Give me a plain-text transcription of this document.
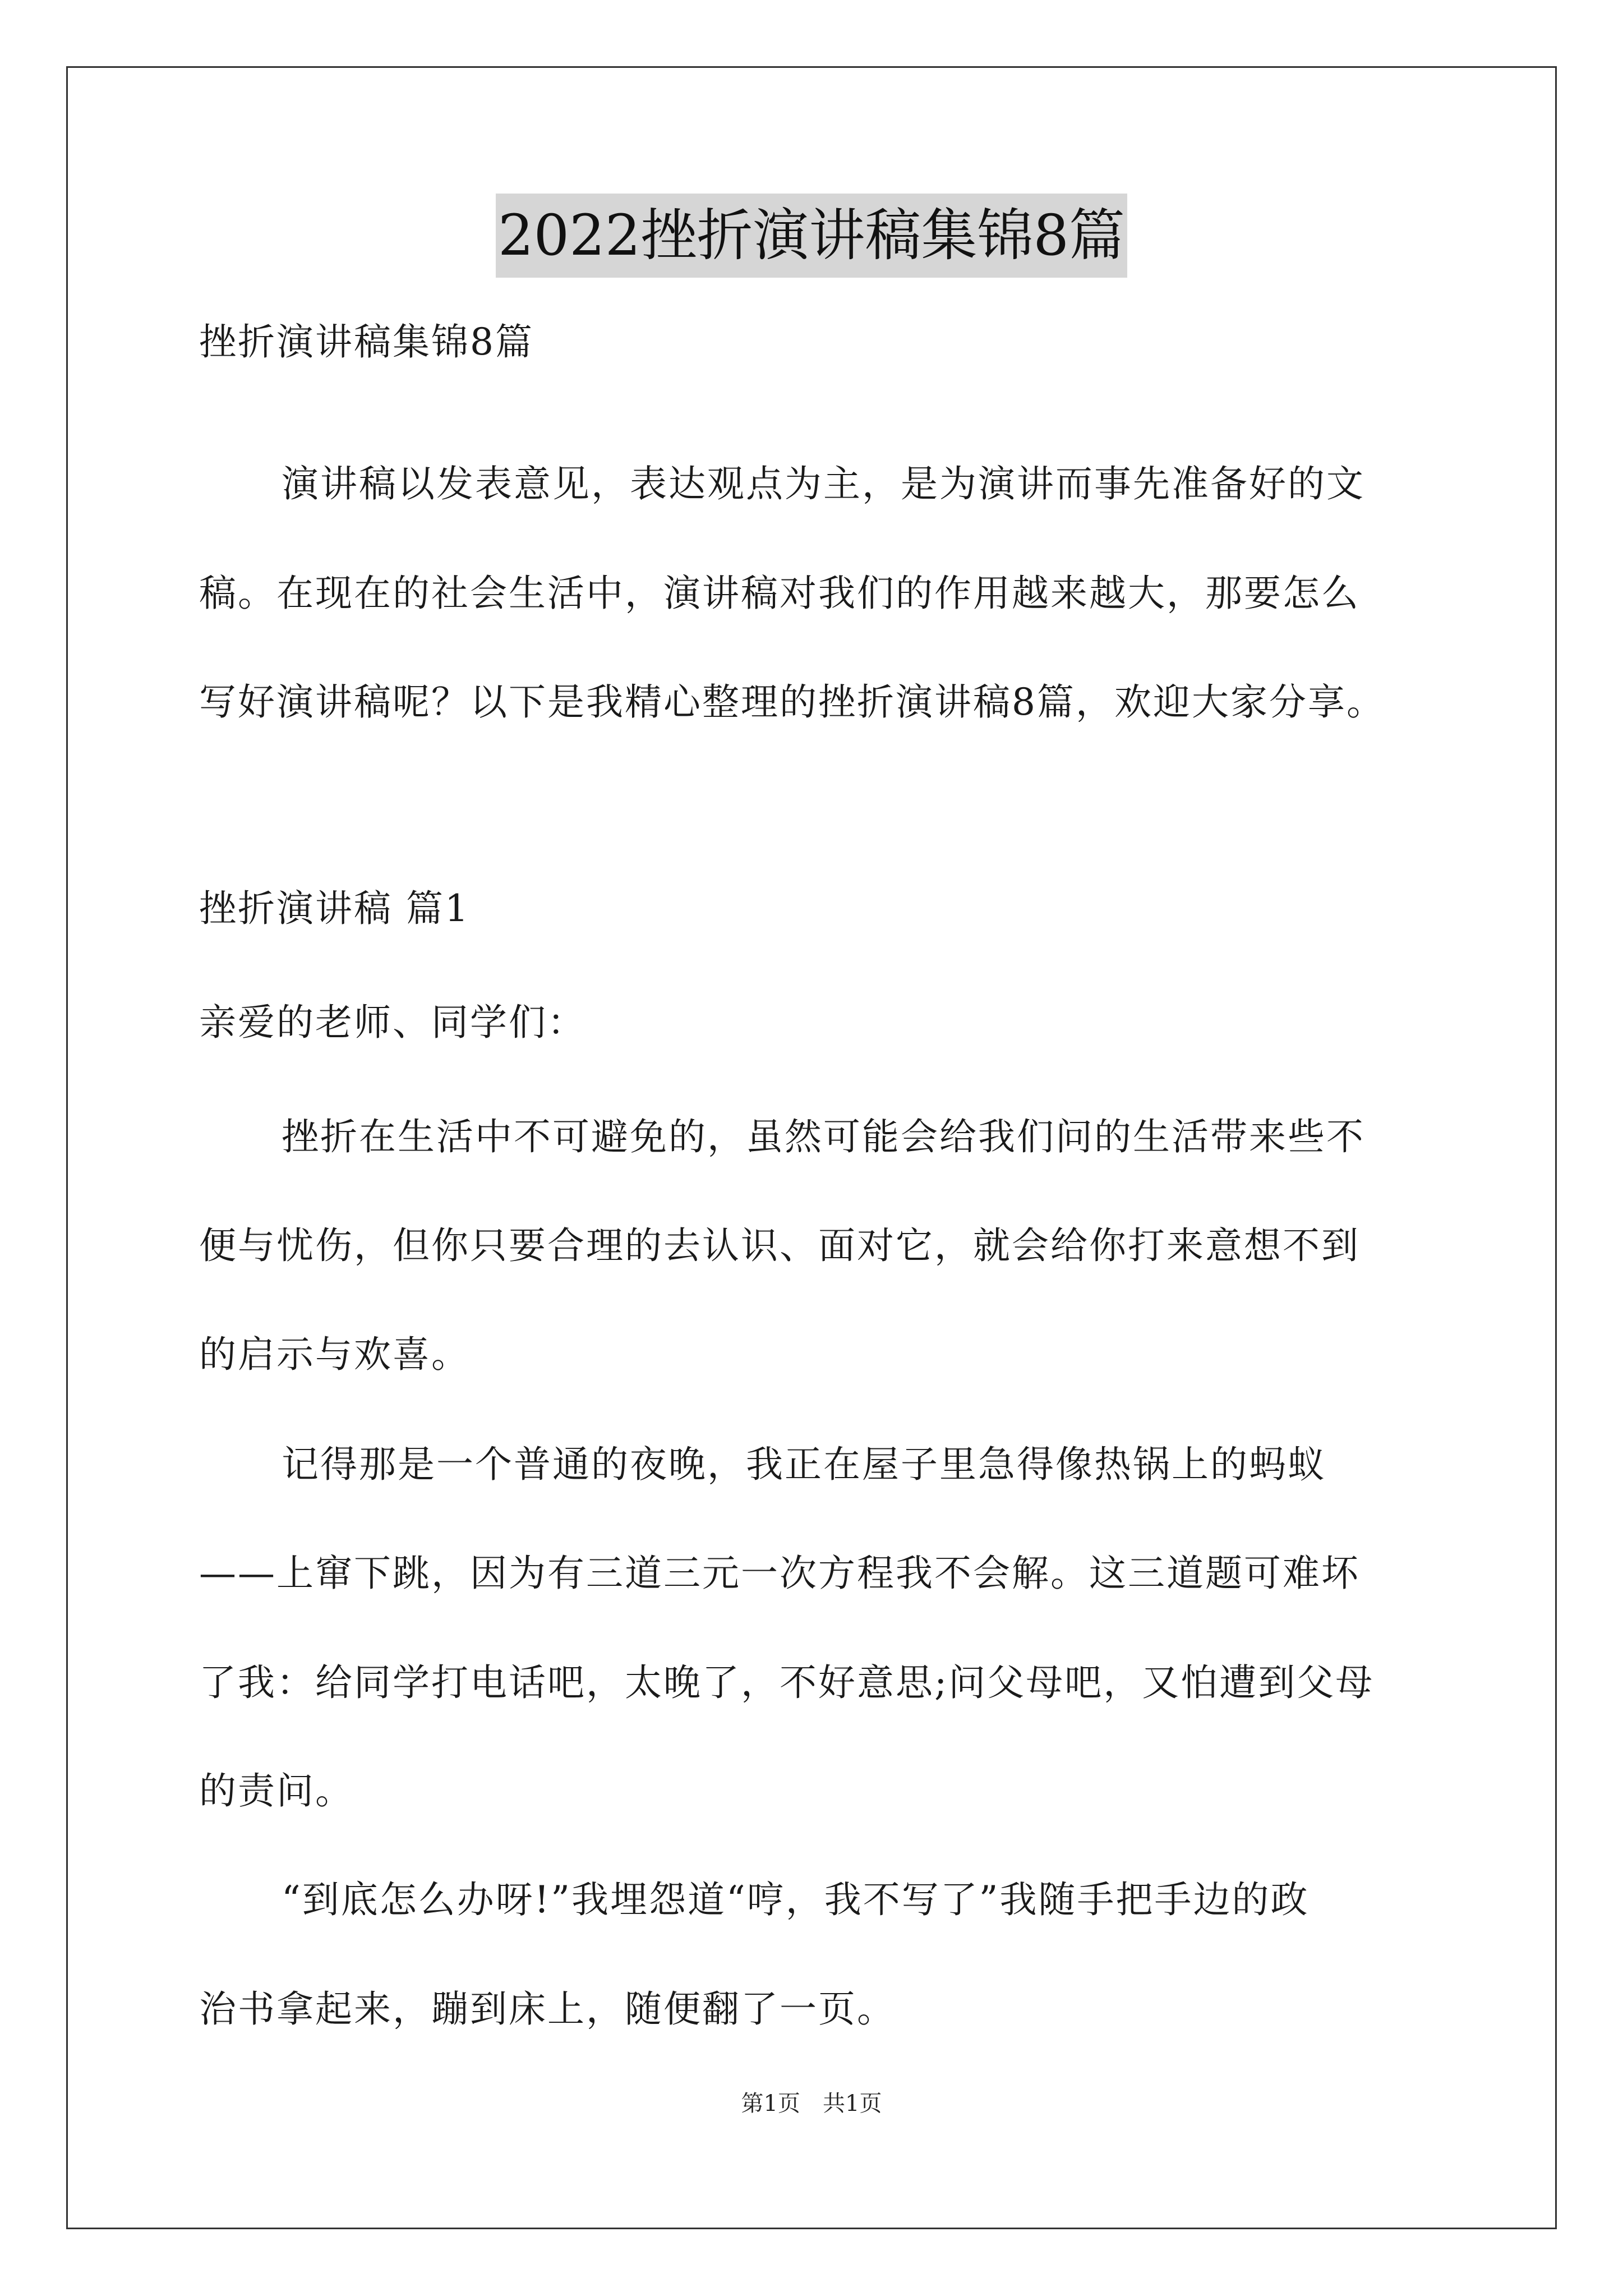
2022挫折演讲稿集锦8篇
挫折演讲稿集锦8篇
演讲稿以发表意见，表达观点为主，是为演讲而事先准备好的文
稿。在现在的社会生活中，演讲稿对我们的作用越来越大，那要怎么
写好演讲稿呢？以下是我精心整理的挫折演讲稿8篇，欢迎大家分享。
挫折演讲稿 篇1
亲爱的老师、同学们：
挫折在生活中不可避免的，虽然可能会给我们问的生活带来些不
便与忧伤，但你只要合理的去认识、面对它，就会给你打来意想不到
的启示与欢喜。
记得那是一个普通的夜晚，我正在屋子里急得像热锅上的蚂蚁
——上窜下跳，因为有三道三元一次方程我不会解。这三道题可难坏
了我：给同学打电话吧，太晚了，不好意思;问父母吧，又怕遭到父母
的责问。
“到底怎么办呀!”我埋怨道“哼，我不写了”我随手把手边的政
治书拿起来，蹦到床上，随便翻了一页。
第1页　共1页
